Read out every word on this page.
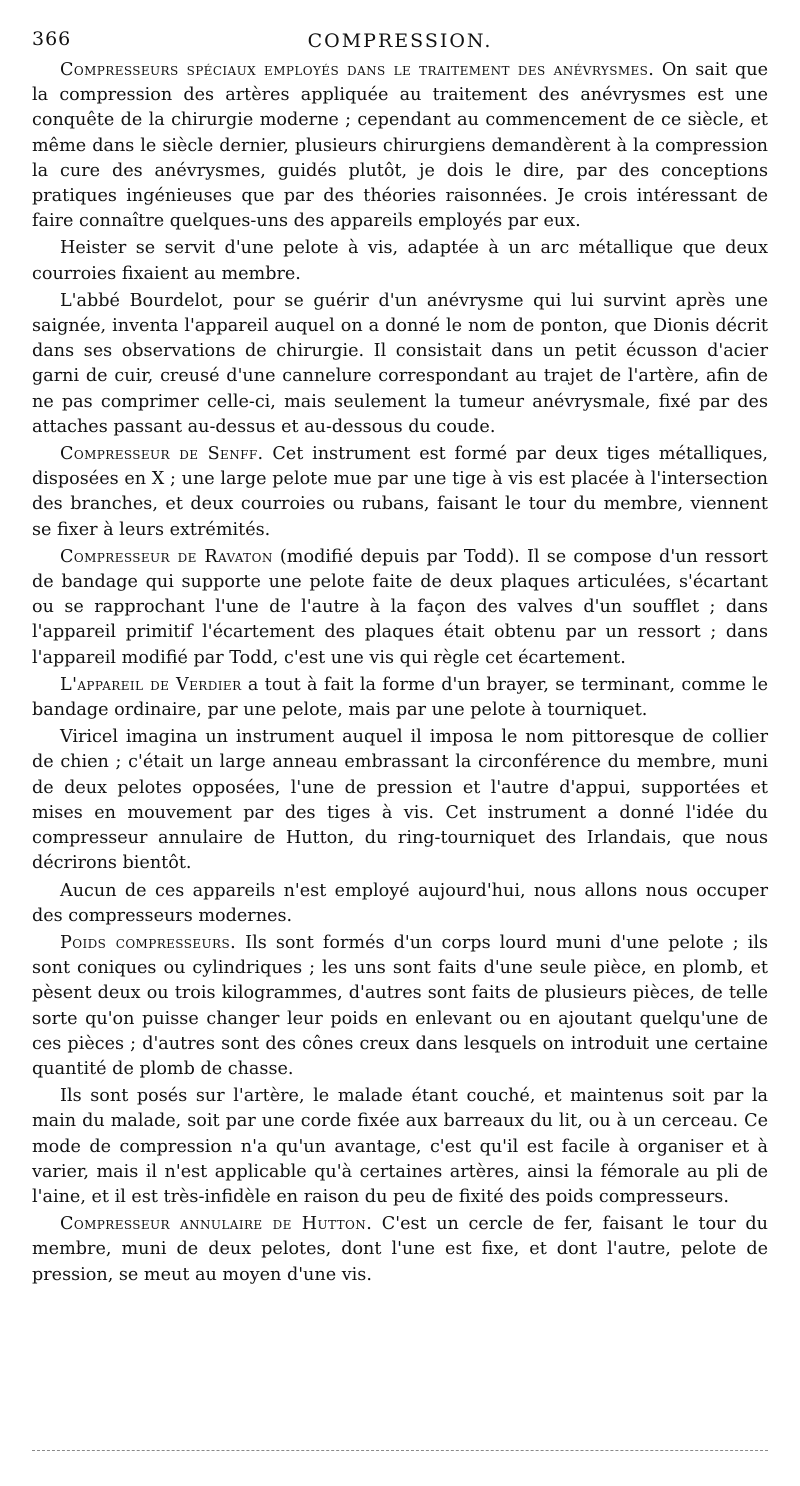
366	COMPRESSION.

Compresseurs spéciaux employés dans le traitement des anévrysmes. On sait que la compression des artères appliquée au traitement des anévrysmes est une conquête de la chirurgie moderne ; cependant au commencement de ce siècle, et même dans le siècle dernier, plusieurs chirurgiens demandèrent à la compression la cure des anévrysmes, guidés plutôt, je dois le dire, par des conceptions pratiques ingénieuses que par des théories raisonnées. Je crois intéressant de faire connaître quelques-uns des appareils employés par eux.

Heister se servit d'une pelote à vis, adaptée à un arc métallique que deux courroies fixaient au membre.

L'abbé Bourdelot, pour se guérir d'un anévrysme qui lui survint après une saignée, inventa l'appareil auquel on a donné le nom de ponton, que Dionis décrit dans ses observations de chirurgie. Il consistait dans un petit écusson d'acier garni de cuir, creusé d'une cannelure correspondant au trajet de l'artère, afin de ne pas comprimer celle-ci, mais seulement la tumeur anévrysmale, fixé par des attaches passant au-dessus et au-dessous du coude.

Compresseur de Senff. Cet instrument est formé par deux tiges métalliques, disposées en X ; une large pelote mue par une tige à vis est placée à l'intersection des branches, et deux courroies ou rubans, faisant le tour du membre, viennent se fixer à leurs extrémités.

Compresseur de Ravaton (modifié depuis par Todd). Il se compose d'un ressort de bandage qui supporte une pelote faite de deux plaques articulées, s'écartant ou se rapprochant l'une de l'autre à la façon des valves d'un soufflet ; dans l'appareil primitif l'écartement des plaques était obtenu par un ressort ; dans l'appareil modifié par Todd, c'est une vis qui règle cet écartement.

L'appareil de Verdier a tout à fait la forme d'un brayer, se terminant, comme le bandage ordinaire, par une pelote, mais par une pelote à tourniquet.

Viricel imagina un instrument auquel il imposa le nom pittoresque de collier de chien ; c'était un large anneau embrassant la circonférence du membre, muni de deux pelotes opposées, l'une de pression et l'autre d'appui, supportées et mises en mouvement par des tiges à vis. Cet instrument a donné l'idée du compresseur annulaire de Hutton, du ring-tourniquet des Irlandais, que nous décrirons bientôt.

Aucun de ces appareils n'est employé aujourd'hui, nous allons nous occuper des compresseurs modernes.

Poids compresseurs. Ils sont formés d'un corps lourd muni d'une pelote ; ils sont coniques ou cylindriques ; les uns sont faits d'une seule pièce, en plomb, et pèsent deux ou trois kilogrammes, d'autres sont faits de plusieurs pièces, de telle sorte qu'on puisse changer leur poids en enlevant ou en ajoutant quelqu'une de ces pièces ; d'autres sont des cônes creux dans lesquels on introduit une certaine quantité de plomb de chasse.

Ils sont posés sur l'artère, le malade étant couché, et maintenus soit par la main du malade, soit par une corde fixée aux barreaux du lit, ou à un cerceau. Ce mode de compression n'a qu'un avantage, c'est qu'il est facile à organiser et à varier, mais il n'est applicable qu'à certaines artères, ainsi la fémorale au pli de l'aine, et il est très-infidèle en raison du peu de fixité des poids compresseurs.

Compresseur annulaire de Hutton. C'est un cercle de fer, faisant le tour du membre, muni de deux pelotes, dont l'une est fixe, et dont l'autre, pelote de pression, se meut au moyen d'une vis.
